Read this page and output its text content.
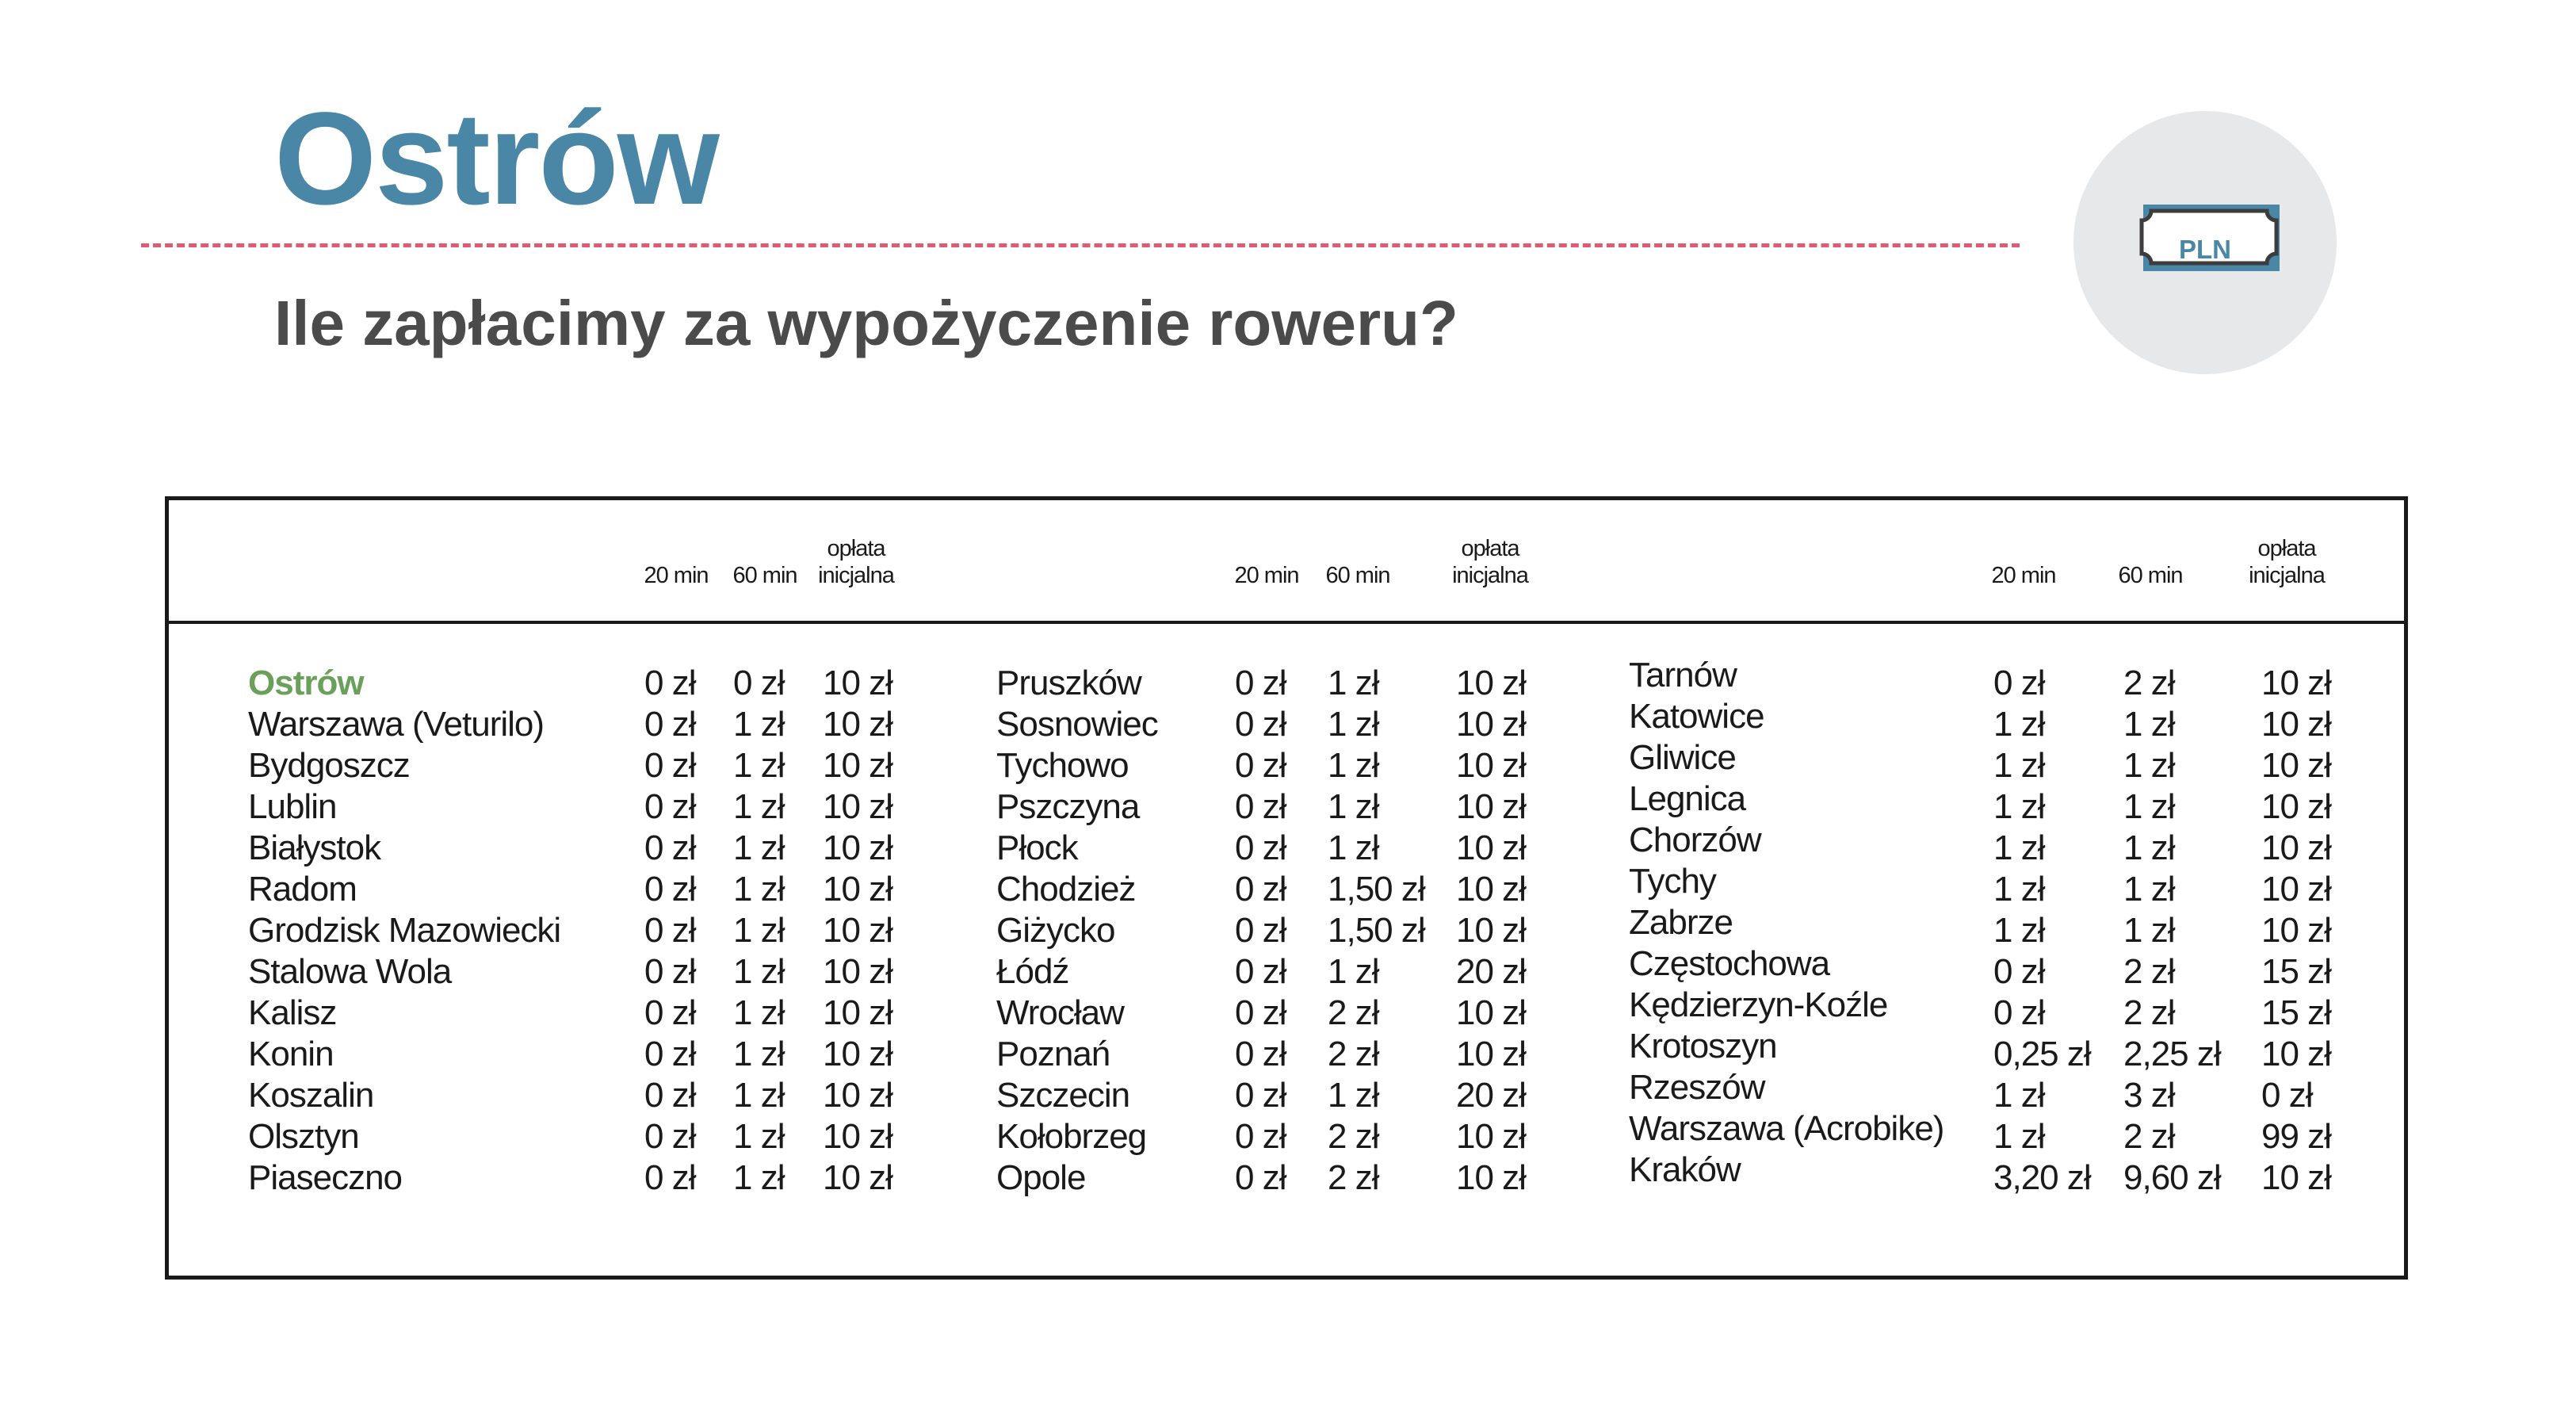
Ostrów
Ile zapłacimy za wypożyczenie roweru?
PLN
20 min 60 min
opłata
inicjalna	20 min 60 min
opłata
inicjalna	20 min	60 min
opłata
inicjalna
Ostrów	0 zł 0 zł 10 zł
Warszawa (Veturilo)	0 zł 1 zł 10 zł
Bydgoszcz	0 zł 1 zł 10 zł
Lublin	0 zł 1 zł 10 zł
Białystok	0 zł 1 zł 10 zł
Radom	0 zł 1 zł 10 zł
Grodzisk Mazowiecki 0 zł 1 zł 10 zł
Stalowa Wola	0 zł 1 zł 10 zł
Kalisz	0 zł 1 zł 10 zł
Konin	0 zł 1 zł 10 zł
Koszalin	0 zł 1 zł 10 zł
Olsztyn	0 zł 1 zł 10 zł
Piaseczno	0 zł 1 zł 10 zł
Pruszków	0 zł 1 zł 10 zł
Sosnowiec 0 zł 1 zł 10 zł
Tychowo	0 zł 1 zł 10 zł
Pszczyna	0 zł 1 zł 10 zł
Płock	0 zł 1 zł 10 zł
Chodzież	0 zł 1,50 zł 10 zł
Giżycko	0 zł 1,50 zł 10 zł
Łódź	0 zł 1 zł 20 zł
Wrocław	0 zł 2 zł 10 zł
Poznań	0 zł 2 zł 10 zł
Szczecin	0 zł 1 zł 20 zł
Kołobrzeg	0 zł 2 zł 10 zł
Opole	0 zł 2 zł 10 zł
Tarnów	0 zł 2 zł 10 zł
Katowice	1 zł 1 zł 10 zł
Gliwice	1 zł 1 zł 10 zł
Legnica	1 zł 1 zł 10 zł
Chorzów	1 zł 1 zł 10 zł
Tychy	1 zł 1 zł 10 zł
Zabrze	1 zł 1 zł 10 zł
Częstochowa	0 zł 2 zł 15 zł
Kędzierzyn-Koźle	0 zł 2 zł 15 zł
Krotoszyn	0,25 zł 2,25 zł 10 zł
Rzeszów	1 zł 3 zł 0 zł
Warszawa (Acrobike) 1 zł 2 zł 99 zł
Kraków	3,20 zł 9,60 zł 10 zł
